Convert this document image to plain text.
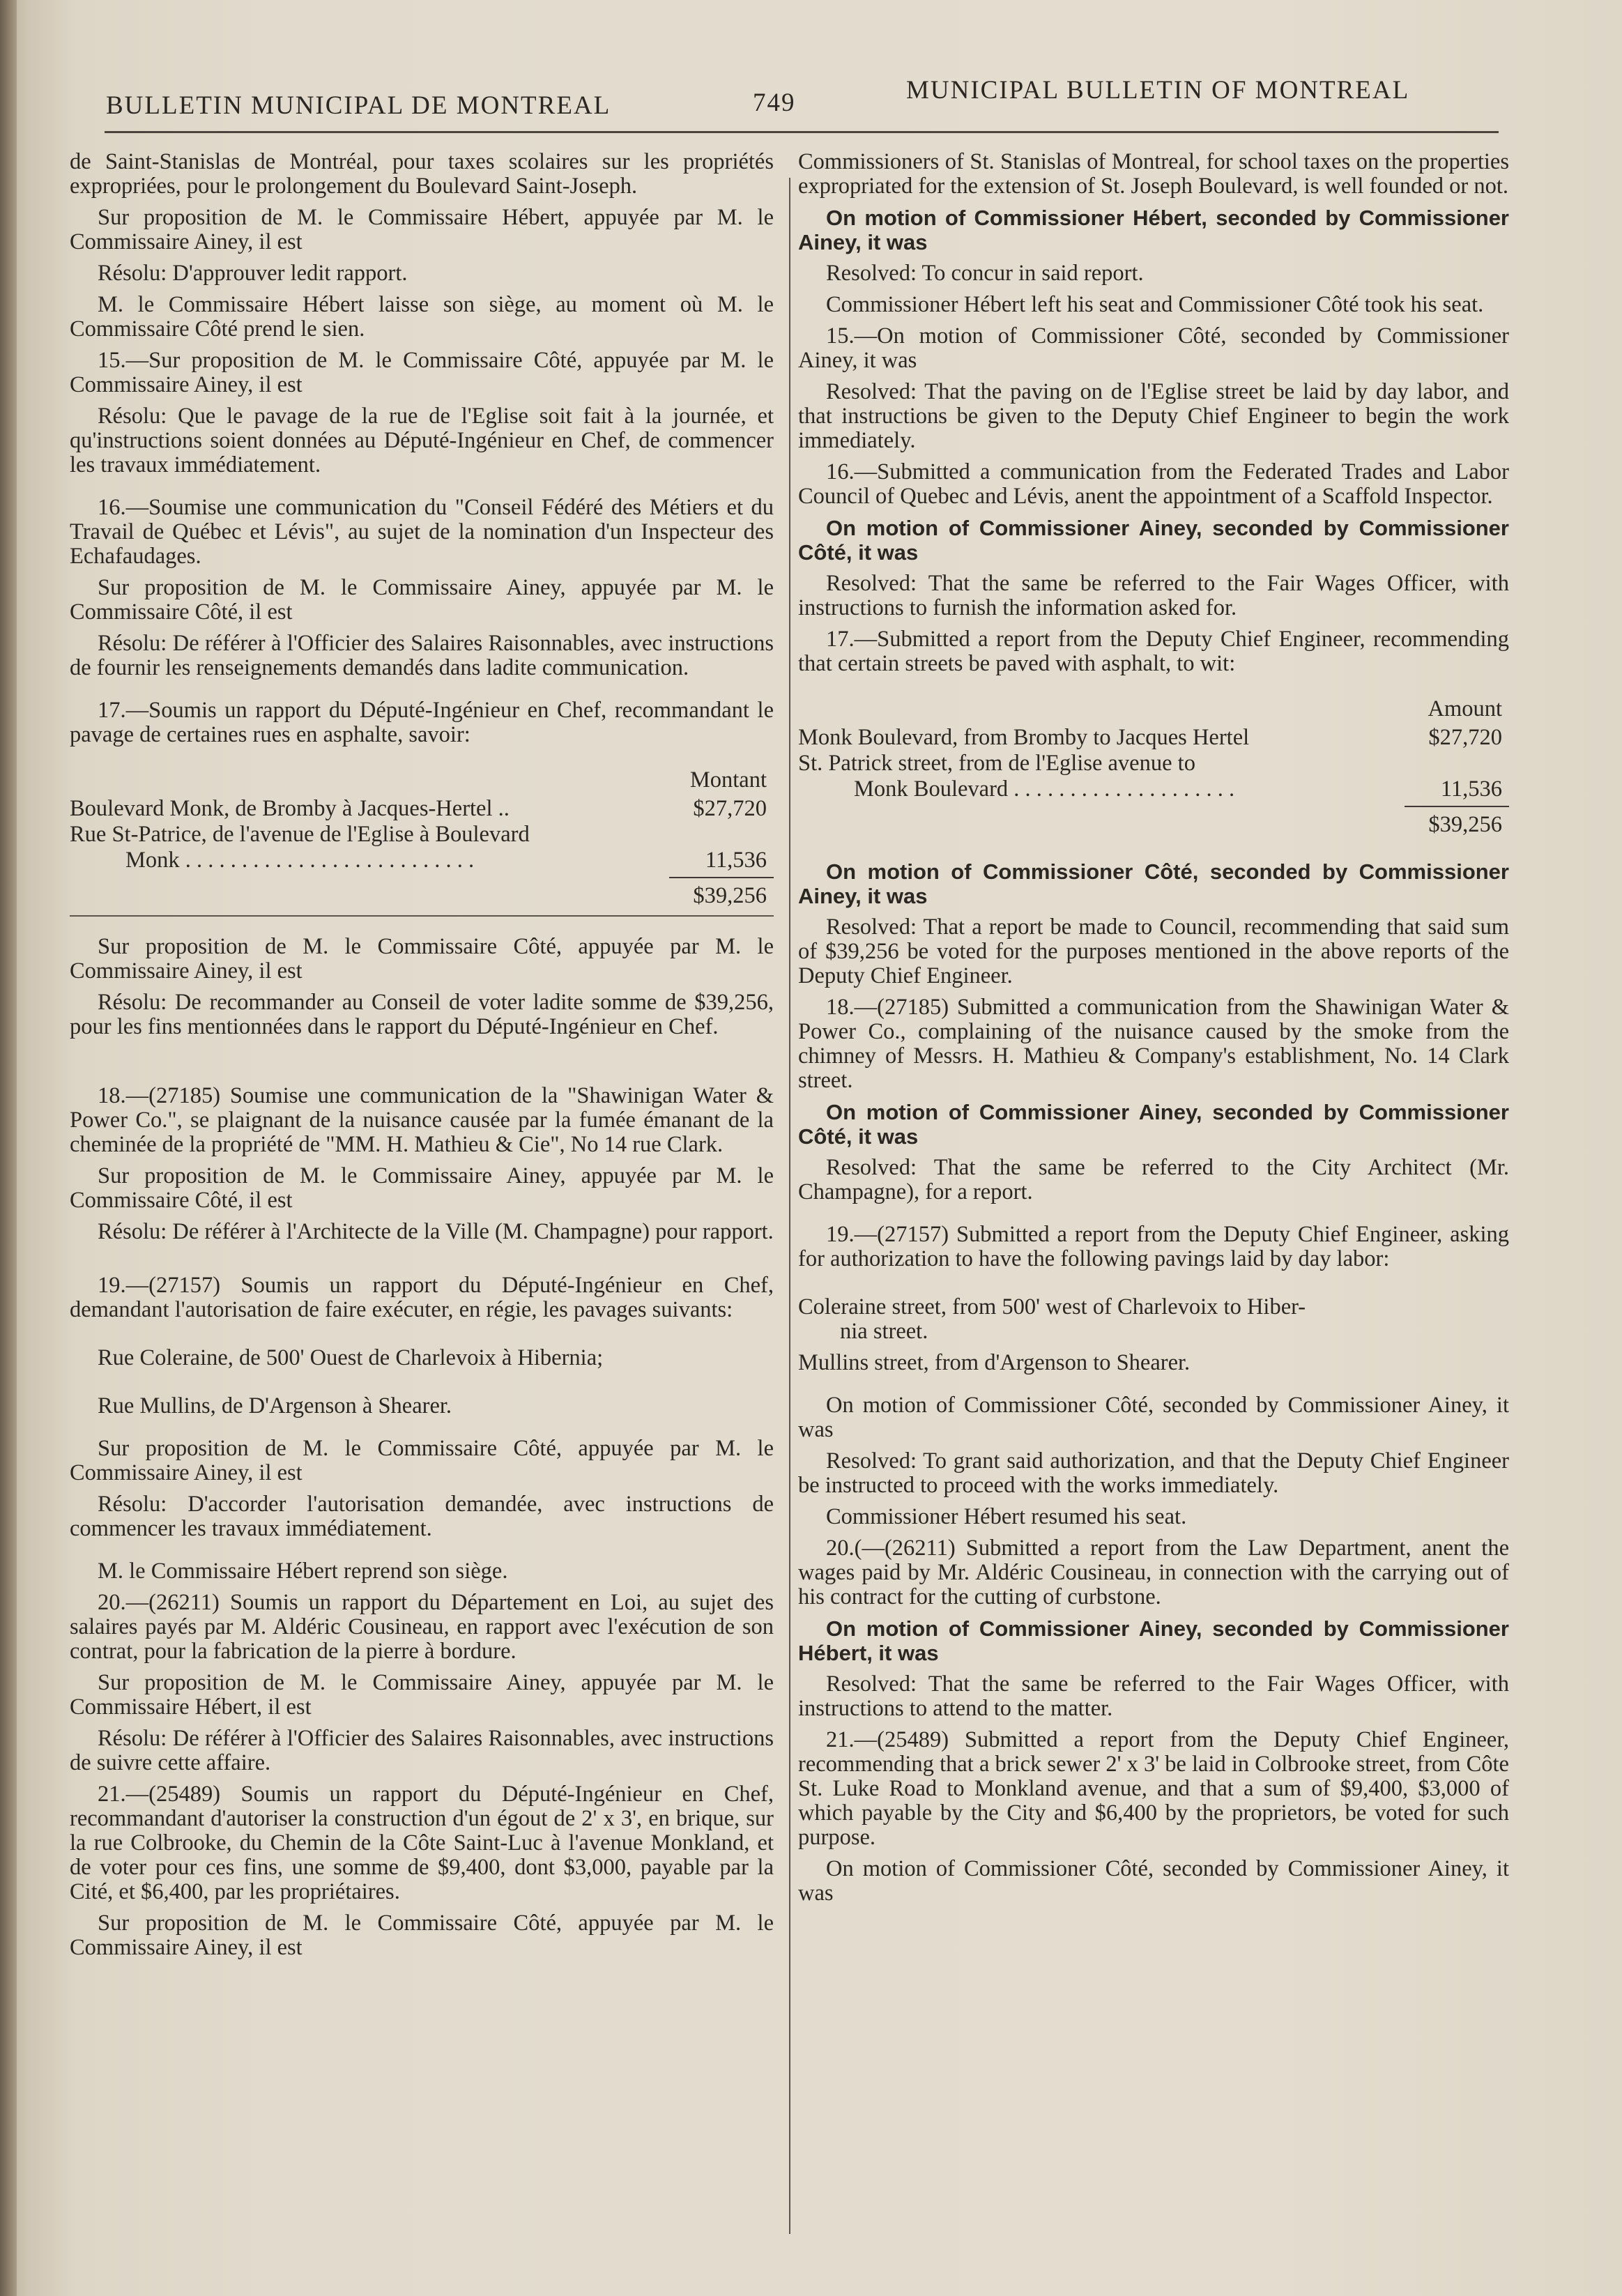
BULLETIN MUNICIPAL DE MONTREAL	749	MUNICIPAL BULLETIN OF MONTREAL

de Saint-Stanislas de Montréal, pour taxes scolaires sur les propriétés expropriées, pour le prolongement du Boulevard Saint-Joseph.

Sur proposition de M. le Commissaire Hébert, appuyée par M. le Commissaire Ainey, il est

Résolu: D'approuver ledit rapport.

M. le Commissaire Hébert laisse son siège, au moment où M. le Commissaire Côté prend le sien.

15.—Sur proposition de M. le Commissaire Côté, appuyée par M. le Commissaire Ainey, il est

Résolu: Que le pavage de la rue de l'Eglise soit fait à la journée, et qu'instructions soient données au Député-Ingénieur en Chef, de commencer les travaux immédiatement.

16.—Soumise une communication du "Conseil Fédéré des Métiers et du Travail de Québec et Lévis", au sujet de la nomination d'un Inspecteur des Echafaudages.

Sur proposition de M. le Commissaire Ainey, appuyée par M. le Commissaire Côté, il est

Résolu: De référer à l'Officier des Salaires Raisonnables, avec instructions de fournir les renseignements demandés dans ladite communication.

17.—Soumis un rapport du Député-Ingénieur en Chef, recommandant le pavage de certaines rues en asphalte, savoir:

Montant
Boulevard Monk, de Bromby à Jacques-Hertel ..	$27,720
Rue St-Patrice, de l'avenue de l'Eglise à Boulevard
Monk . . . . . . . . . . . . . . . . . . . . . . . . . .	11,536
$39,256

Sur proposition de M. le Commissaire Côté, appuyée par M. le Commissaire Ainey, il est

Résolu: De recommander au Conseil de voter ladite somme de $39,256, pour les fins mentionnées dans le rapport du Député-Ingénieur en Chef.

18.—(27185) Soumise une communication de la "Shawinigan Water & Power Co.", se plaignant de la nuisance causée par la fumée émanant de la cheminée de la propriété de "MM. H. Mathieu & Cie", No 14 rue Clark.

Sur proposition de M. le Commissaire Ainey, appuyée par M. le Commissaire Côté, il est

Résolu: De référer à l'Architecte de la Ville (M. Champagne) pour rapport.

19.—(27157) Soumis un rapport du Député-Ingénieur en Chef, demandant l'autorisation de faire exécuter, en régie, les pavages suivants:

Rue Coleraine, de 500' Ouest de Charlevoix à Hibernia;

Rue Mullins, de D'Argenson à Shearer.

Sur proposition de M. le Commissaire Côté, appuyée par M. le Commissaire Ainey, il est

Résolu: D'accorder l'autorisation demandée, avec instructions de commencer les travaux immédiatement.

M. le Commissaire Hébert reprend son siège.

20.—(26211) Soumis un rapport du Département en Loi, au sujet des salaires payés par M. Aldéric Cousineau, en rapport avec l'exécution de son contrat, pour la fabrication de la pierre à bordure.

Sur proposition de M. le Commissaire Ainey, appuyée par M. le Commissaire Hébert, il est

Résolu: De référer à l'Officier des Salaires Raisonnables, avec instructions de suivre cette affaire.

21.—(25489) Soumis un rapport du Député-Ingénieur en Chef, recommandant d'autoriser la construction d'un égout de 2' x 3', en brique, sur la rue Colbrooke, du Chemin de la Côte Saint-Luc à l'avenue Monkland, et de voter pour ces fins, une somme de $9,400, dont $3,000, payable par la Cité, et $6,400, par les propriétaires.

Sur proposition de M. le Commissaire Côté, appuyée par M. le Commissaire Ainey, il est

Commissioners of St. Stanislas of Montreal, for school taxes on the properties expropriated for the extension of St. Joseph Boulevard, is well founded or not.

On motion of Commissioner Hébert, seconded by Commissioner Ainey, it was

Resolved: To concur in said report.

Commissioner Hébert left his seat and Commissioner Côté took his seat.

15.—On motion of Commissioner Côté, seconded by Commissioner Ainey, it was

Resolved: That the paving on de l'Eglise street be laid by day labor, and that instructions be given to the Deputy Chief Engineer to begin the work immediately.

16.—Submitted a communication from the Federated Trades and Labor Council of Quebec and Lévis, anent the appointment of a Scaffold Inspector.

On motion of Commissioner Ainey, seconded by Commissioner Côté, it was

Resolved: That the same be referred to the Fair Wages Officer, with instructions to furnish the information asked for.

17.—Submitted a report from the Deputy Chief Engineer, recommending that certain streets be paved with asphalt, to wit:

Amount
Monk Boulevard, from Bromby to Jacques Hertel	$27,720
St. Patrick street, from de l'Eglise avenue to
Monk Boulevard . . . . . . . . . . . . . . . . . . . .	11,536
$39,256

On motion of Commissioner Côté, seconded by Commissioner Ainey, it was

Resolved: That a report be made to Council, recommending that said sum of $39,256 be voted for the purposes mentioned in the above reports of the Deputy Chief Engineer.

18.—(27185) Submitted a communication from the Shawinigan Water & Power Co., complaining of the nuisance caused by the smoke from the chimney of Messrs. H. Mathieu & Company's establishment, No. 14 Clark street.

On motion of Commissioner Ainey, seconded by Commissioner Côté, it was

Resolved: That the same be referred to the City Architect (Mr. Champagne), for a report.

19.—(27157) Submitted a report from the Deputy Chief Engineer, asking for authorization to have the following pavings laid by day labor:

Coleraine street, from 500' west of Charlevoix to Hiber-
nia street.

Mullins street, from d'Argenson to Shearer.

On motion of Commissioner Côté, seconded by Commissioner Ainey, it was

Resolved: To grant said authorization, and that the Deputy Chief Engineer be instructed to proceed with the works immediately.

Commissioner Hébert resumed his seat.

20.(—(26211) Submitted a report from the Law Department, anent the wages paid by Mr. Aldéric Cousineau, in connection with the carrying out of his contract for the cutting of curbstone.

On motion of Commissioner Ainey, seconded by Commissioner Hébert, it was

Resolved: That the same be referred to the Fair Wages Officer, with instructions to attend to the matter.

21.—(25489) Submitted a report from the Deputy Chief Engineer, recommending that a brick sewer 2' x 3' be laid in Colbrooke street, from Côte St. Luke Road to Monkland avenue, and that a sum of $9,400, $3,000 of which payable by the City and $6,400 by the proprietors, be voted for such purpose.

On motion of Commissioner Côté, seconded by Commissioner Ainey, it was
